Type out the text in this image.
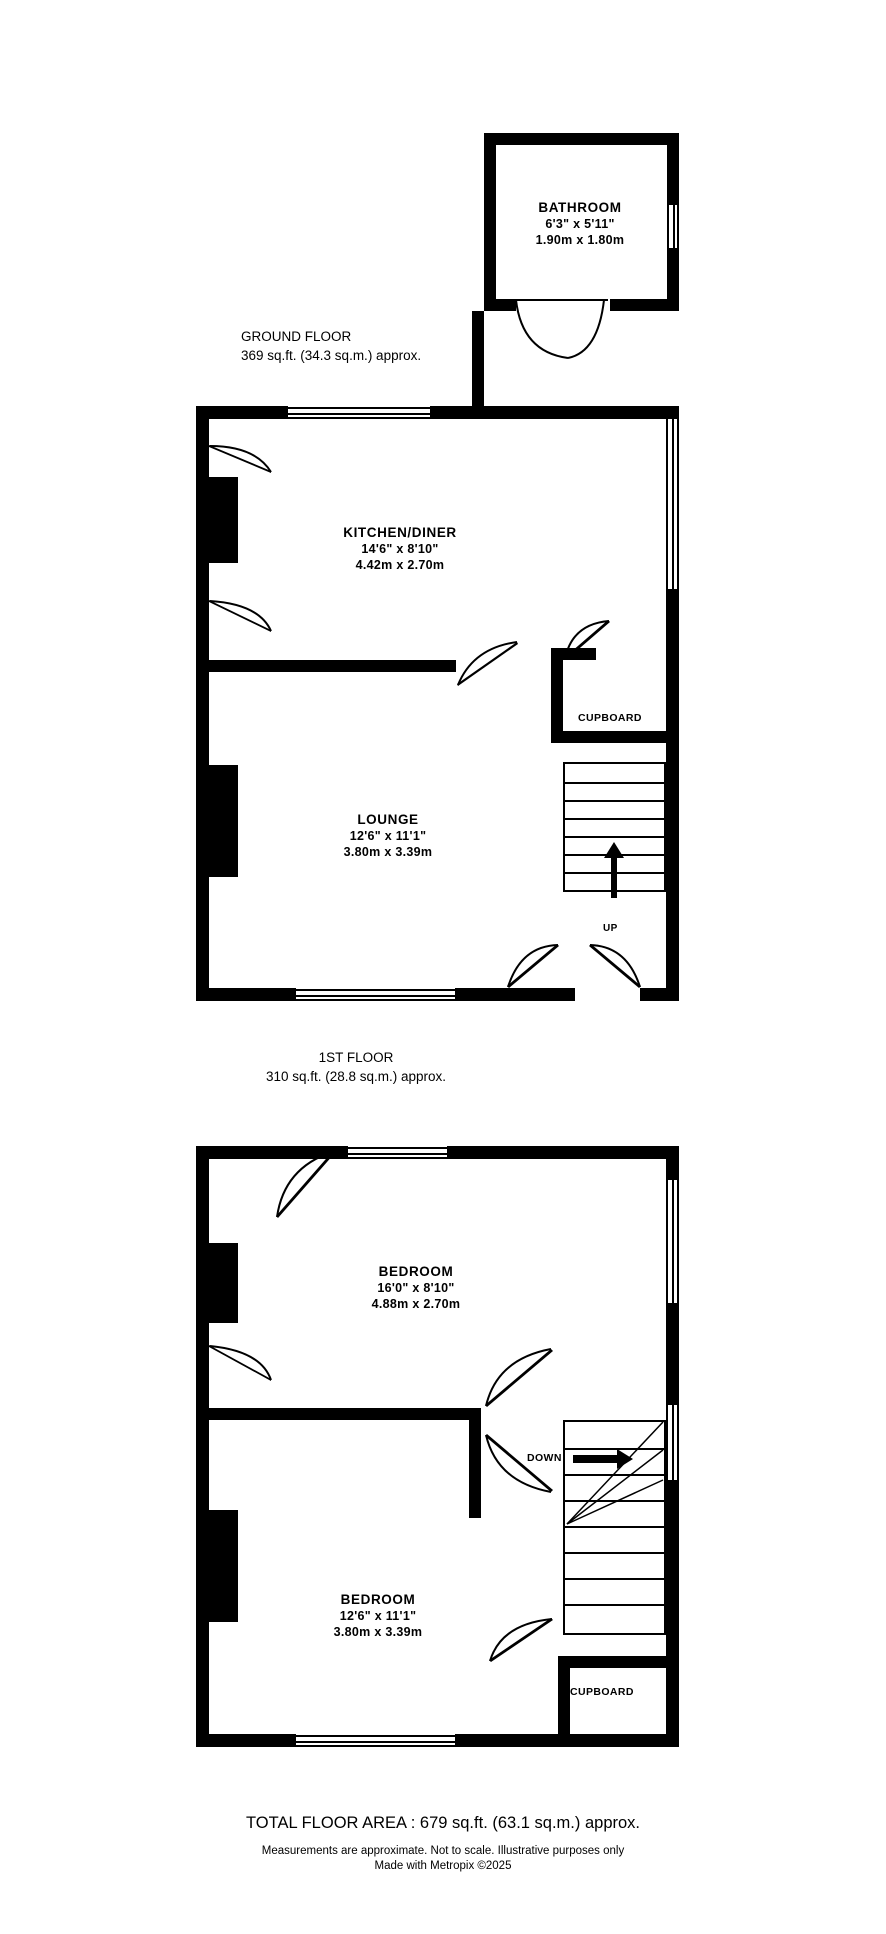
GROUND FLOOR
369 sq.ft. (34.3 sq.m.) approx.
BATHROOM
6'3" x 5'11"
1.90m x 1.80m
CUPBOARD
UP
KITCHEN/DINER
14'6" x 8'10"
4.42m x 2.70m
LOUNGE
12'6" x 11'1"
3.80m x 3.39m
1ST FLOOR
310 sq.ft. (28.8 sq.m.) approx.
DOWN
CUPBOARD
BEDROOM
16'0" x 8'10"
4.88m x 2.70m
BEDROOM
12'6" x 11'1"
3.80m x 3.39m
TOTAL FLOOR AREA : 679 sq.ft. (63.1 sq.m.) approx.
Measurements are approximate. Not to scale. Illustrative purposes only
Made with Metropix ©2025
